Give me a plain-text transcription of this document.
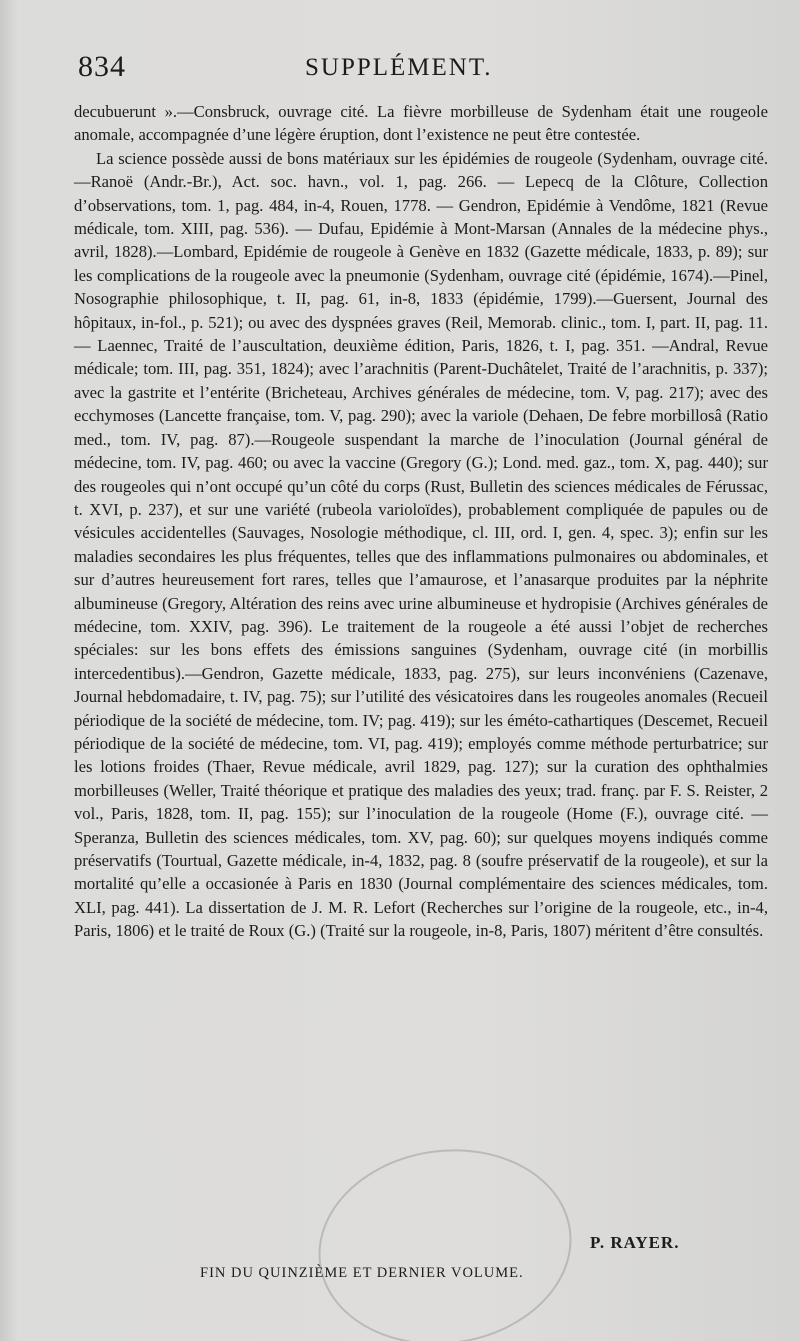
834	SUPPLÉMENT.

decubuerunt ».—Consbruck, ouvrage cité. La fièvre morbilleuse de Sydenham était une rougeole anomale, accompagnée d’une légère éruption, dont l’existence ne peut être contestée.

La science possède aussi de bons matériaux sur les épidémies de rougeole (Sydenham, ouvrage cité.—Ranoë (Andr.-Br.), Act. soc. havn., vol. 1, pag. 266. — Lepecq de la Clôture, Collection d’observations, tom. 1, pag. 484, in-4, Rouen, 1778. — Gendron, Epidémie à Vendôme, 1821 (Revue médicale, tom. XIII, pag. 536). — Dufau, Epidémie à Mont-Marsan (Annales de la médecine phys., avril, 1828).—Lombard, Epidémie de rougeole à Genève en 1832 (Gazette médicale, 1833, p. 89); sur les complications de la rougeole avec la pneumonie (Sydenham, ouvrage cité (épidémie, 1674).—Pinel, Nosographie philosophique, t. II, pag. 61, in-8, 1833 (épidémie, 1799).—Guersent, Journal des hôpitaux, in-fol., p. 521); ou avec des dyspnées graves (Reil, Memorab. clinic., tom. I, part. II, pag. 11. — Laennec, Traité de l’auscultation, deuxième édition, Paris, 1826, t. I, pag. 351. —Andral, Revue médicale; tom. III, pag. 351, 1824); avec l’arachnitis (Parent-Duchâtelet, Traité de l’arachnitis, p. 337); avec la gastrite et l’entérite (Bricheteau, Archives générales de médecine, tom. V, pag. 217); avec des ecchymoses (Lancette française, tom. V, pag. 290); avec la variole (Dehaen, De febre morbillosâ (Ratio med., tom. IV, pag. 87).—Rougeole suspendant la marche de l’inoculation (Journal général de médecine, tom. IV, pag. 460; ou avec la vaccine (Gregory (G.); Lond. med. gaz., tom. X, pag. 440); sur des rougeoles qui n’ont occupé qu’un côté du corps (Rust, Bulletin des sciences médicales de Férussac, t. XVI, p. 237), et sur une variété (rubeola varioloïdes), probablement compliquée de papules ou de vésicules accidentelles (Sauvages, Nosologie méthodique, cl. III, ord. I, gen. 4, spec. 3); enfin sur les maladies secondaires les plus fréquentes, telles que des inflammations pulmonaires ou abdominales, et sur d’autres heureusement fort rares, telles que l’amaurose, et l’anasarque produites par la néphrite albumineuse (Gregory, Altération des reins avec urine albumineuse et hydropisie (Archives générales de médecine, tom. XXIV, pag. 396). Le traitement de la rougeole a été aussi l’objet de recherches spéciales: sur les bons effets des émissions sanguines (Sydenham, ouvrage cité (in morbillis intercedentibus).—Gendron, Gazette médicale, 1833, pag. 275), sur leurs inconvéniens (Cazenave, Journal hebdomadaire, t. IV, pag. 75); sur l’utilité des vésicatoires dans les rougeoles anomales (Recueil périodique de la société de médecine, tom. IV; pag. 419); sur les éméto-cathartiques (Descemet, Recueil périodique de la société de médecine, tom. VI, pag. 419); employés comme méthode perturbatrice; sur les lotions froides (Thaer, Revue médicale, avril 1829, pag. 127); sur la curation des ophthalmies morbilleuses (Weller, Traité théorique et pratique des maladies des yeux; trad. franç. par F. S. Reister, 2 vol., Paris, 1828, tom. II, pag. 155); sur l’inoculation de la rougeole (Home (F.), ouvrage cité. — Speranza, Bulletin des sciences médicales, tom. XV, pag. 60); sur quelques moyens indiqués comme préservatifs (Tourtual, Gazette médicale, in-4, 1832, pag. 8 (soufre préservatif de la rougeole), et sur la mortalité qu’elle a occasionée à Paris en 1830 (Journal complémentaire des sciences médicales, tom. XLI, pag. 441). La dissertation de J. M. R. Lefort (Recherches sur l’origine de la rougeole, etc., in-4, Paris, 1806) et le traité de Roux (G.) (Traité sur la rougeole, in-8, Paris, 1807) méritent d’être consultés.

P. RAYER.
FIN DU QUINZIÈME ET DERNIER VOLUME.
